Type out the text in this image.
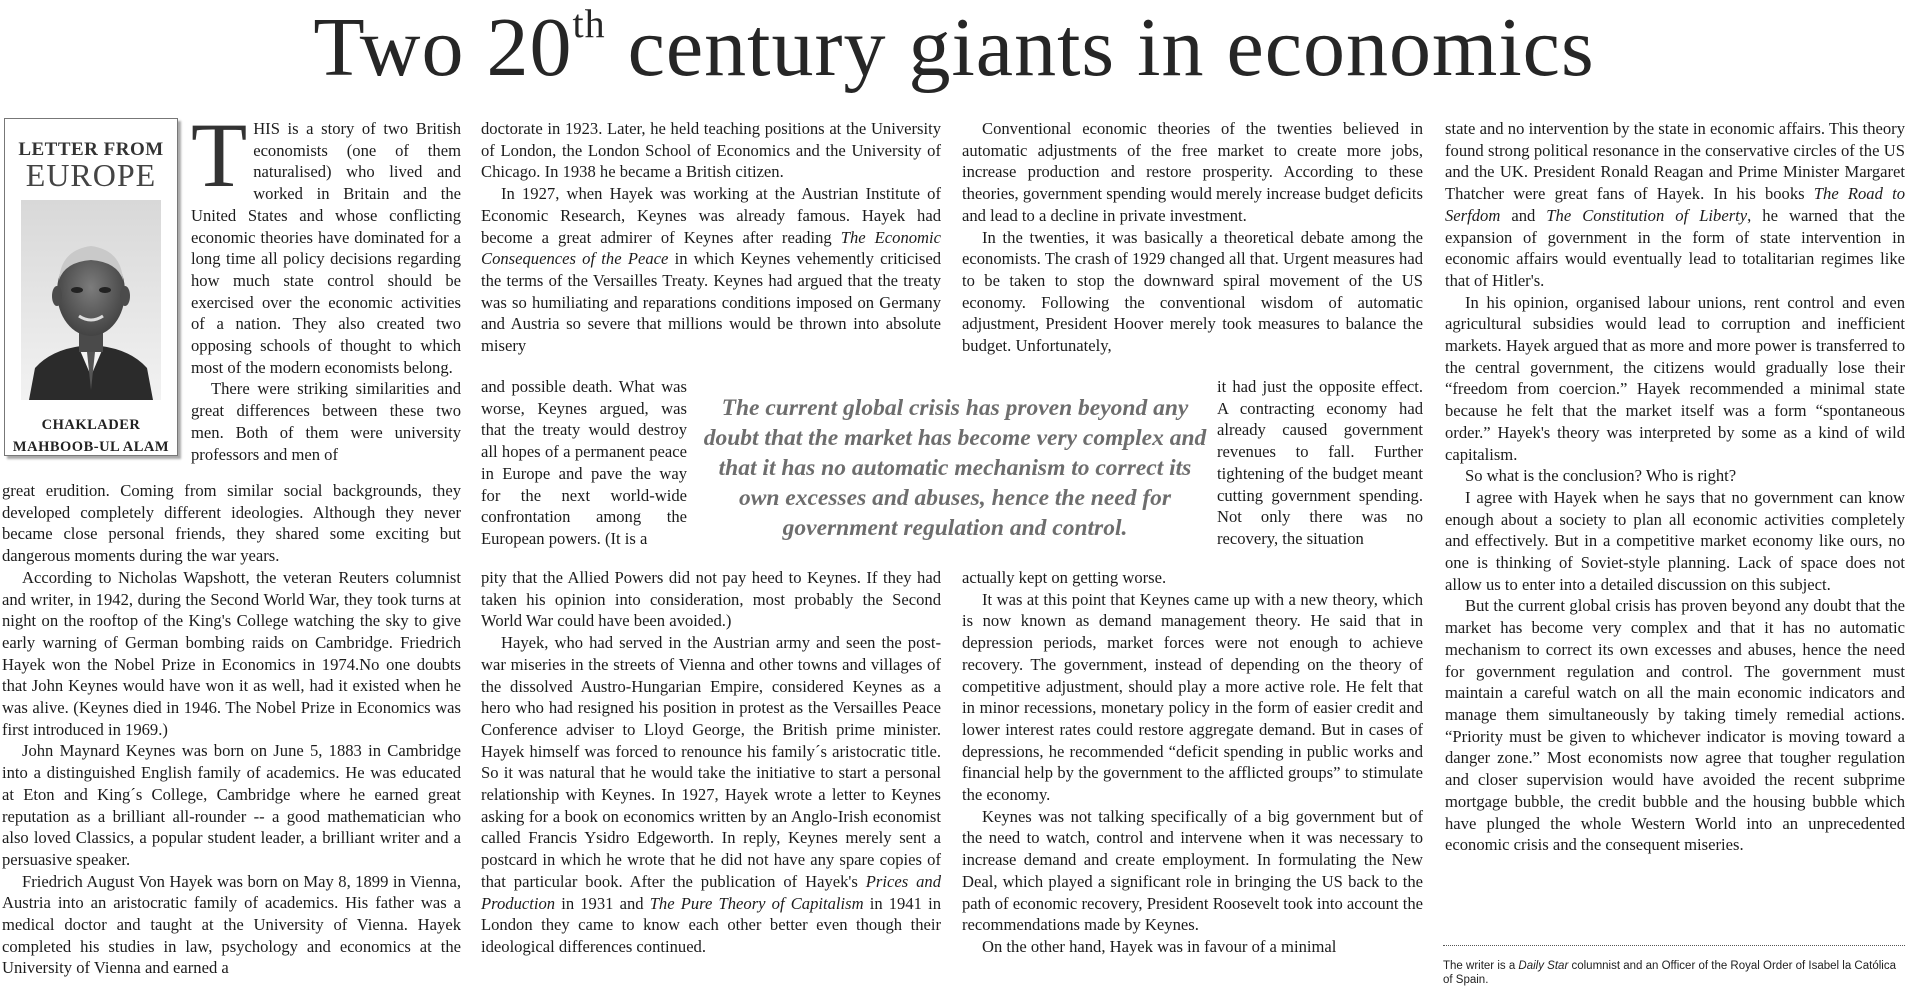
Two 20th century giants in economics
LETTER FROM
EUROPE
CHAKLADER
MAHBOOB-UL ALAM

THIS is a story of two British economists (one of them naturalised) who lived and worked in Britain and the United States and whose conflicting economic theories have dominated for a long time all policy decisions regarding how much state control should be exercised over the economic activities of a nation. They also created two opposing schools of thought to which most of the modern economists belong.

There were striking similarities and great differences between these two men. Both of them were university professors and men of

great erudition. Coming from similar social backgrounds, they developed completely different ideologies. Although they never became close personal friends, they shared some exciting but dangerous moments during the war years.

According to Nicholas Wapshott, the veteran Reuters columnist and writer, in 1942, during the Second World War, they took turns at night on the rooftop of the King's College watching the sky to give early warning of German bombing raids on Cambridge. Friedrich Hayek won the Nobel Prize in Economics in 1974.No one doubts that John Keynes would have won it as well, had it existed when he was alive. (Keynes died in 1946. The Nobel Prize in Economics was first introduced in 1969.)

John Maynard Keynes was born on June 5, 1883 in Cambridge into a distinguished English family of academics. He was educated at Eton and King´s College, Cambridge where he earned great reputation as a brilliant all-rounder -- a good mathematician who also loved Classics, a popular student leader, a brilliant writer and a persuasive speaker.

Friedrich August Von Hayek was born on May 8, 1899 in Vienna, Austria into an aristocratic family of academics. His father was a medical doctor and taught at the University of Vienna. Hayek completed his studies in law, psychology and economics at the University of Vienna and earned a

doctorate in 1923. Later, he held teaching positions at the University of London, the London School of Economics and the University of Chicago. In 1938 he became a British citizen.

In 1927, when Hayek was working at the Austrian Institute of Economic Research, Keynes was already famous. Hayek had become a great admirer of Keynes after reading The Economic Consequences of the Peace in which Keynes vehemently criticised the terms of the Versailles Treaty. Keynes had argued that the treaty was so humiliating and reparations conditions imposed on Germany and Austria so severe that millions would be thrown into absolute misery

and possible death. What was worse, Keynes argued, was that the treaty would destroy all hopes of a permanent peace in Europe and pave the way for the next world-wide confrontation among the European powers. (It is a

pity that the Allied Powers did not pay heed to Keynes. If they had taken his opinion into consideration, most probably the Second World War could have been avoided.)

Hayek, who had served in the Austrian army and seen the post-war miseries in the streets of Vienna and other towns and villages of the dissolved Austro-Hungarian Empire, considered Keynes as a hero who had resigned his position in protest as the Versailles Peace Conference adviser to Lloyd George, the British prime minister. Hayek himself was forced to renounce his family´s aristocratic title. So it was natural that he would take the initiative to start a personal relationship with Keynes. In 1927, Hayek wrote a letter to Keynes asking for a book on economics written by an Anglo-Irish economist called Francis Ysidro Edgeworth. In reply, Keynes merely sent a postcard in which he wrote that he did not have any spare copies of that particular book. After the publication of Hayek's Prices and Production in 1931 and The Pure Theory of Capitalism in 1941 in London they came to know each other better even though their ideological differences continued.

Conventional economic theories of the twenties believed in automatic adjustments of the free market to create more jobs, increase production and restore prosperity. According to these theories, government spending would merely increase budget deficits and lead to a decline in private investment.

In the twenties, it was basically a theoretical debate among the economists. The crash of 1929 changed all that. Urgent measures had to be taken to stop the downward spiral movement of the US economy. Following the conventional wisdom of automatic adjustment, President Hoover merely took measures to balance the budget. Unfortunately,

it had just the opposite effect. A contracting economy had already caused government revenues to fall. Further tightening of the budget meant cutting government spending. Not only there was no recovery, the situation

actually kept on getting worse.

It was at this point that Keynes came up with a new theory, which is now known as demand management theory. He said that in depression periods, market forces were not enough to achieve recovery. The government, instead of depending on the theory of competitive adjustment, should play a more active role. He felt that in minor recessions, monetary policy in the form of easier credit and lower interest rates could restore aggregate demand. But in cases of depressions, he recommended “deficit spending in public works and financial help by the government to the afflicted groups” to stimulate the economy.

Keynes was not talking specifically of a big government but of the need to watch, control and intervene when it was necessary to increase demand and create employment. In formulating the New Deal, which played a significant role in bringing the US back to the path of economic recovery, President Roosevelt took into account the recommendations made by Keynes.

On the other hand, Hayek was in favour of a minimal

The current global crisis has proven beyond any doubt that the market has become very complex and that it has no automatic mechanism to correct its own excesses and abuses, hence the need for government regulation and control.

state and no intervention by the state in economic affairs. This theory found strong political resonance in the conservative circles of the US and the UK. President Ronald Reagan and Prime Minister Margaret Thatcher were great fans of Hayek. In his books The Road to Serfdom and The Constitution of Liberty, he warned that the expansion of government in the form of state intervention in economic affairs would eventually lead to totalitarian regimes like that of Hitler's.

In his opinion, organised labour unions, rent control and even agricultural subsidies would lead to corruption and inefficient markets. Hayek argued that as more and more power is transferred to the central government, the citizens would gradually lose their “freedom from coercion.” Hayek recommended a minimal state because he felt that the market itself was a form “spontaneous order.” Hayek's theory was interpreted by some as a kind of wild capitalism.

So what is the conclusion? Who is right?

I agree with Hayek when he says that no government can know enough about a society to plan all economic activities completely and effectively. But in a competitive market economy like ours, no one is thinking of Soviet-style planning. Lack of space does not allow us to enter into a detailed discussion on this subject.

But the current global crisis has proven beyond any doubt that the market has become very complex and that it has no automatic mechanism to correct its own excesses and abuses, hence the need for government regulation and control. The government must maintain a careful watch on all the main economic indicators and manage them simultaneously by taking timely remedial actions. “Priority must be given to whichever indicator is moving toward a danger zone.” Most economists now agree that tougher regulation and closer supervision would have avoided the recent subprime mortgage bubble, the credit bubble and the housing bubble which have plunged the whole Western World into an unprecedented economic crisis and the consequent miseries.

The writer is a Daily Star columnist and an Officer of the Royal Order of Isabel la Católica of Spain.
